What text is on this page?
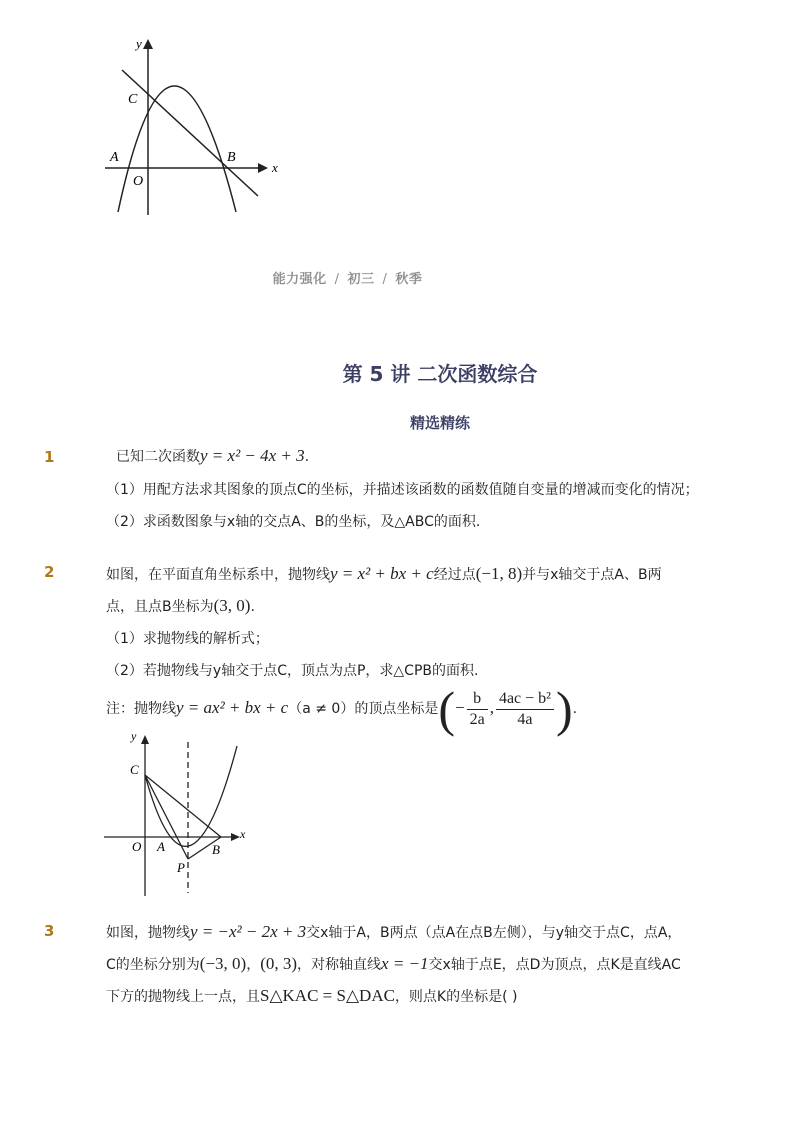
y
x
C
A
O
B
能力强化 / 初三 / 秋季
第 5 讲 二次函数综合
精选精练
1	已知二次函数y = x² − 4x + 3.
（1）用配方法求其图象的顶点C的坐标，并描述该函数的函数值随自变量的增减而变化的情况；
（2）求函数图象与x轴的交点A、B的坐标，及△ABC的面积.
2	如图，在平面直角坐标系中，抛物线y = x² + bx + c经过点(−1, 8)并与x轴交于点A、B两
点，且点B坐标为(3, 0).
（1）求抛物线的解析式；
（2）若抛物线与y轴交于点C，顶点为点P，求△CPB的面积.
注：抛物线y = ax² + bx + c（a ≠ 0）的顶点坐标是(− $\frac{b}{2a}$ , $\frac{\text{4ac − b²}}{4a}$ ).
y
x
C
O A
P
B
3	如图，抛物线y = −x² − 2x + 3交x轴于A，B两点（点A在点B左侧），与y轴交于点C，点A，
C的坐标分别为(−3, 0)，(0, 3)，对称轴直线x = −1交x轴于点E，点D为顶点，点K是直线AC
下方的抛物线上一点，且S△KAC = S△DAC，则点K的坐标是( )
